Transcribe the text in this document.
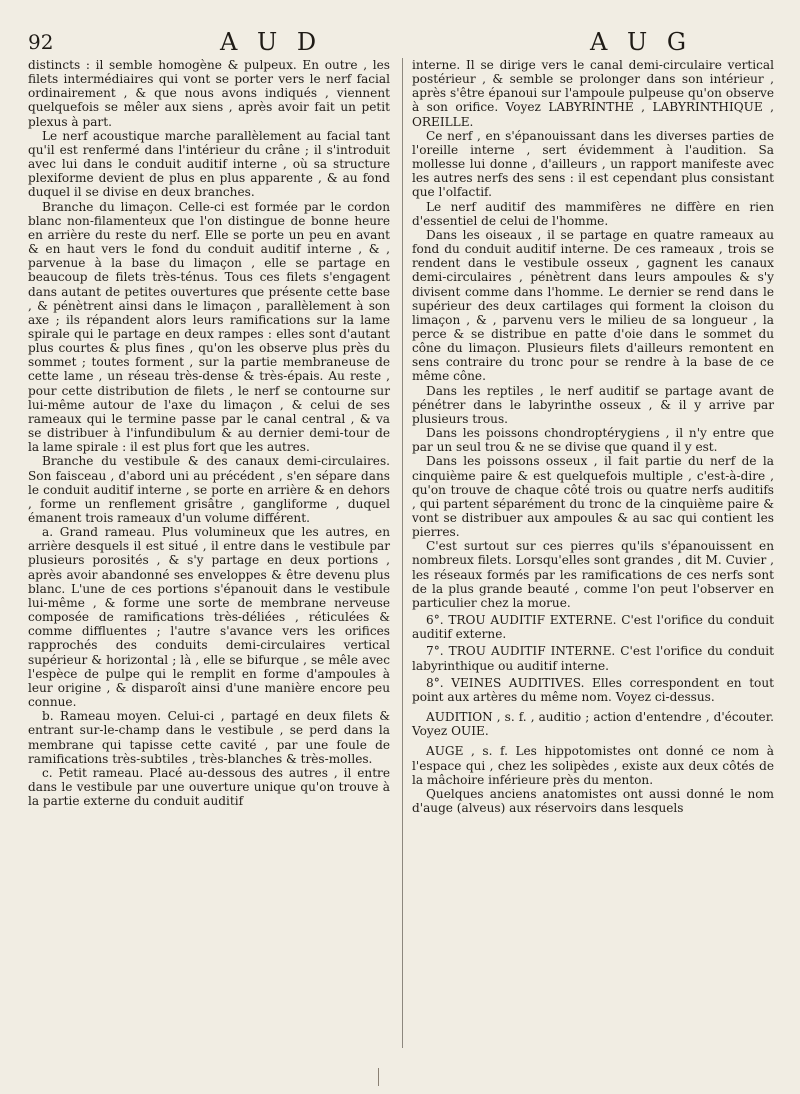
92	A U D	A U G

distincts : il semble homogène & pulpeux. En outre , les filets intermédiaires qui vont se porter vers le nerf facial ordinairement , & que nous avons indiqués , viennent quelquefois se mêler aux siens , après avoir fait un petit plexus à part.

Le nerf acoustique marche parallèlement au facial tant qu'il est renfermé dans l'intérieur du crâne ; il s'introduit avec lui dans le conduit auditif interne , où sa structure plexiforme devient de plus en plus apparente , & au fond duquel il se divise en deux branches.

Branche du limaçon. Celle-ci est formée par le cordon blanc non-filamenteux que l'on distingue de bonne heure en arrière du reste du nerf. Elle se porte un peu en avant & en haut vers le fond du conduit auditif interne , & , parvenue à la base du limaçon , elle se partage en beaucoup de filets très-ténus. Tous ces filets s'engagent dans autant de petites ouvertures que présente cette base , & pénètrent ainsi dans le limaçon , parallèlement à son axe ; ils répandent alors leurs ramifications sur la lame spirale qui le partage en deux rampes : elles sont d'autant plus courtes & plus fines , qu'on les observe plus près du sommet ; toutes forment , sur la partie membraneuse de cette lame , un réseau très-dense & très-épais. Au reste , pour cette distribution de filets , le nerf se contourne sur lui-même autour de l'axe du limaçon , & celui de ses rameaux qui le termine passe par le canal central , & va se distribuer à l'infundibulum & au dernier demi-tour de la lame spirale : il est plus fort que les autres.

Branche du vestibule & des canaux demi-circulaires. Son faisceau , d'abord uni au précédent , s'en sépare dans le conduit auditif interne , se porte en arrière & en dehors , forme un renflement grisâtre , gangliforme , duquel émanent trois rameaux d'un volume différent.

a. Grand rameau. Plus volumineux que les autres, en arrière desquels il est situé , il entre dans le vestibule par plusieurs porosités , & s'y partage en deux portions , après avoir abandonné ses enveloppes & être devenu plus blanc. L'une de ces portions s'épanouit dans le vestibule lui-même , & forme une sorte de membrane nerveuse composée de ramifications très-déliées , réticulées & comme diffluentes ; l'autre s'avance vers les orifices rapprochés des conduits demi-circulaires vertical supérieur & horizontal ; là , elle se bifurque , se mêle avec l'espèce de pulpe qui le remplit en forme d'ampoules à leur origine , & disparoît ainsi d'une manière encore peu connue.

b. Rameau moyen. Celui-ci , partagé en deux filets & entrant sur-le-champ dans le vestibule , se perd dans la membrane qui tapisse cette cavité , par une foule de ramifications très-subtiles , très-blanches & très-molles.

c. Petit rameau. Placé au-dessous des autres , il entre dans le vestibule par une ouverture unique qu'on trouve à la partie externe du conduit auditif

interne. Il se dirige vers le canal demi-circulaire vertical postérieur , & semble se prolonger dans son intérieur , après s'être épanoui sur l'ampoule pulpeuse qu'on observe à son orifice. Voyez LABYRINTHE , LABYRINTHIQUE , OREILLE.

Ce nerf , en s'épanouissant dans les diverses parties de l'oreille interne , sert évidemment à l'audition. Sa mollesse lui donne , d'ailleurs , un rapport manifeste avec les autres nerfs des sens : il est cependant plus consistant que l'olfactif.

Le nerf auditif des mammifères ne diffère en rien d'essentiel de celui de l'homme.

Dans les oiseaux , il se partage en quatre rameaux au fond du conduit auditif interne. De ces rameaux , trois se rendent dans le vestibule osseux , gagnent les canaux demi-circulaires , pénètrent dans leurs ampoules & s'y divisent comme dans l'homme. Le dernier se rend dans le supérieur des deux cartilages qui forment la cloison du limaçon , & , parvenu vers le milieu de sa longueur , la perce & se distribue en patte d'oie dans le sommet du cône du limaçon. Plusieurs filets d'ailleurs remontent en sens contraire du tronc pour se rendre à la base de ce même cône.

Dans les reptiles , le nerf auditif se partage avant de pénétrer dans le labyrinthe osseux , & il y arrive par plusieurs trous.

Dans les poissons chondroptérygiens , il n'y entre que par un seul trou & ne se divise que quand il y est.

Dans les poissons osseux , il fait partie du nerf de la cinquième paire & est quelquefois multiple , c'est-à-dire , qu'on trouve de chaque côté trois ou quatre nerfs auditifs , qui partent séparément du tronc de la cinquième paire & vont se distribuer aux ampoules & au sac qui contient les pierres.

C'est surtout sur ces pierres qu'ils s'épanouissent en nombreux filets. Lorsqu'elles sont grandes , dit M. Cuvier , les réseaux formés par les ramifications de ces nerfs sont de la plus grande beauté , comme l'on peut l'observer en particulier chez la morue.

6°. TROU AUDITIF EXTERNE. C'est l'orifice du conduit auditif externe.

7°. TROU AUDITIF INTERNE. C'est l'orifice du conduit labyrinthique ou auditif interne.

8°. VEINES AUDITIVES. Elles correspondent en tout point aux artères du même nom. Voyez ci-dessus.

AUDITION , s. f. , auditio ; action d'entendre , d'écouter. Voyez OUIE.

AUGE , s. f. Les hippotomistes ont donné ce nom à l'espace qui , chez les solipèdes , existe aux deux côtés de la mâchoire inférieure près du menton.

Quelques anciens anatomistes ont aussi donné le nom d'auge (alveus) aux réservoirs dans lesquels
